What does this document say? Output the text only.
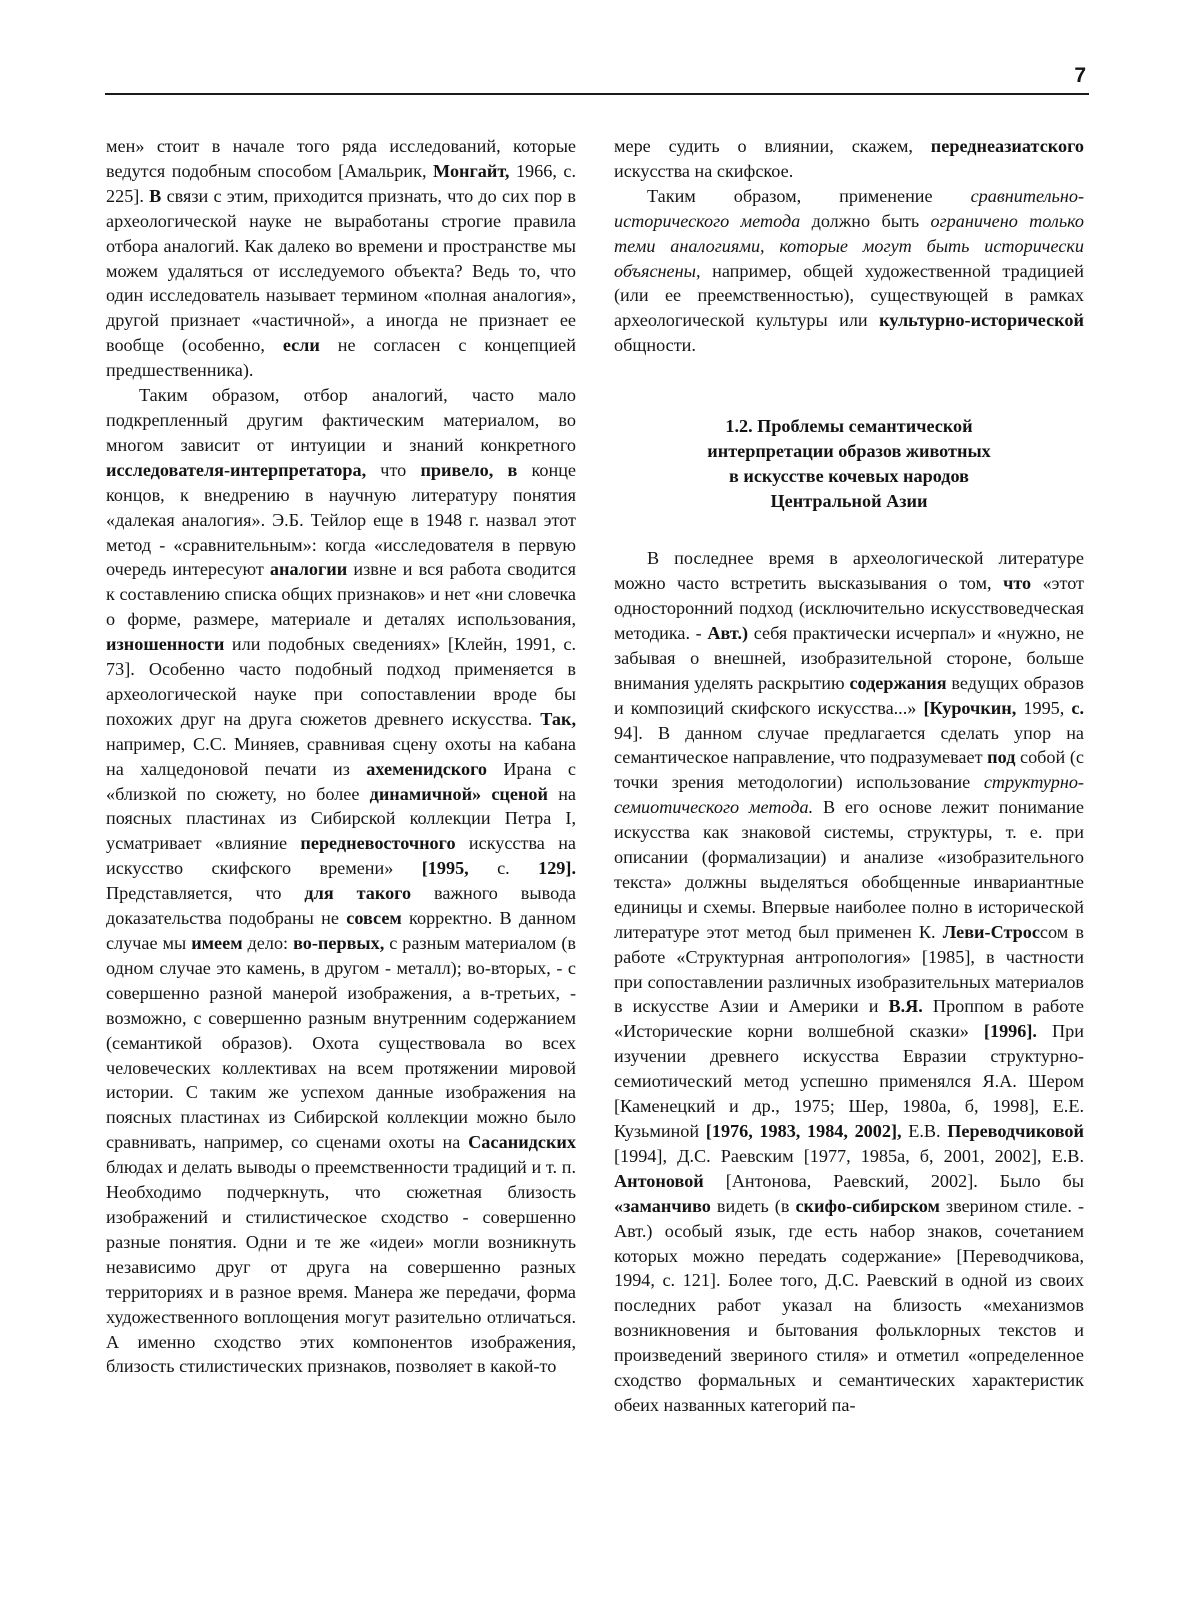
7

мен» стоит в начале того ряда исследований, которые ведутся подобным способом [Амальрик, Монгайт, 1966, с. 225]. В связи с этим, приходится признать, что до сих пор в археологической науке не выработаны строгие правила отбора аналогий. Как далеко во времени и пространстве мы можем удаляться от исследуемого объекта? Ведь то, что один исследователь называет термином «полная аналогия», другой признает «частичной», а иногда не признает ее вообще (особенно, если не согласен с концепцией предшественника).

Таким образом, отбор аналогий, часто мало подкрепленный другим фактическим материалом, во многом зависит от интуиции и знаний конкретного исследователя-интерпретатора, что привело, в конце концов, к внедрению в научную литературу понятия «далекая аналогия». Э.Б. Тейлор еще в 1948 г. назвал этот метод - «сравнительным»: когда «исследователя в первую очередь интересуют аналогии извне и вся работа сводится к составлению списка общих признаков» и нет «ни словечка о форме, размере, материале и деталях использования, изношенности или подобных сведениях» [Клейн, 1991, с. 73]. Особенно часто подобный подход применяется в археологической науке при сопоставлении вроде бы похожих друг на друга сюжетов древнего искусства. Так, например, С.С. Миняев, сравнивая сцену охоты на кабана на халцедоновой печати из ахеменидского Ирана с «близкой по сюжету, но более динамичной» сценой на поясных пластинах из Сибирской коллекции Петра I, усматривает «влияние передневосточного искусства на искусство скифского времени» [1995, с. 129]. Представляется, что для такого важного вывода доказательства подобраны не совсем корректно. В данном случае мы имеем дело: во-первых, с разным материалом (в одном случае это камень, в другом - металл); во-вторых, - с совершенно разной манерой изображения, а в-третьих, - возможно, с совершенно разным внутренним содержанием (семантикой образов). Охота существовала во всех человеческих коллективах на всем протяжении мировой истории. С таким же успехом данные изображения на поясных пластинах из Сибирской коллекции можно было сравнивать, например, со сценами охоты на Сасанидских блюдах и делать выводы о преемственности традиций и т. п. Необходимо подчеркнуть, что сюжетная близость изображений и стилистическое сходство - совершенно разные понятия. Одни и те же «идеи» могли возникнуть независимо друг от друга на совершенно разных территориях и в разное время. Манера же передачи, форма художественного воплощения могут разительно отличаться. А именно сходство этих компонентов изображения, близость стилистических признаков, позволяет в какой-то

мере судить о влиянии, скажем, переднеазиатского искусства на скифское.

Таким образом, применение сравнительно-исторического метода должно быть ограничено только теми аналогиями, которые могут быть исторически объяснены, например, общей художественной традицией (или ее преемственностью), существующей в рамках археологической культуры или культурно-исторической общности.

1.2. Проблемы семантической
интерпретации образов животных
в искусстве кочевых народов
Центральной Азии

В последнее время в археологической литературе можно часто встретить высказывания о том, что «этот односторонний подход (исключительно искусствоведческая методика. - Авт.) себя практически исчерпал» и «нужно, не забывая о внешней, изобразительной стороне, больше внимания уделять раскрытию содержания ведущих образов и композиций скифского искусства...» [Курочкин, 1995, с. 94]. В данном случае предлагается сделать упор на семантическое направление, что подразумевает под собой (с точки зрения методологии) использование структурно-семиотического метода. В его основе лежит понимание искусства как знаковой системы, структуры, т. е. при описании (формализации) и анализе «изобразительного текста» должны выделяться обобщенные инвариантные единицы и схемы. Впервые наиболее полно в исторической литературе этот метод был применен К. Леви-Строссом в работе «Структурная антропология» [1985], в частности при сопоставлении различных изобразительных материалов в искусстве Азии и Америки и В.Я. Проппом в работе «Исторические корни волшебной сказки» [1996]. При изучении древнего искусства Евразии структурно-семиотический метод успешно применялся Я.А. Шером [Каменецкий и др., 1975; Шер, 1980а, б, 1998], Е.Е. Кузьминой [1976, 1983, 1984, 2002], Е.В. Переводчиковой [1994], Д.С. Раевским [1977, 1985а, б, 2001, 2002], Е.В. Антоновой [Антонова, Раевский, 2002]. Было бы «заманчиво видеть (в скифо-сибирском зверином стиле. - Авт.) особый язык, где есть набор знаков, сочетанием которых можно передать содержание» [Переводчикова, 1994, с. 121]. Более того, Д.С. Раевский в одной из своих последних работ указал на близость «механизмов возникновения и бытования фольклорных текстов и произведений звериного стиля» и отметил «определенное сходство формальных и семантических характеристик обеих названных категорий па-
